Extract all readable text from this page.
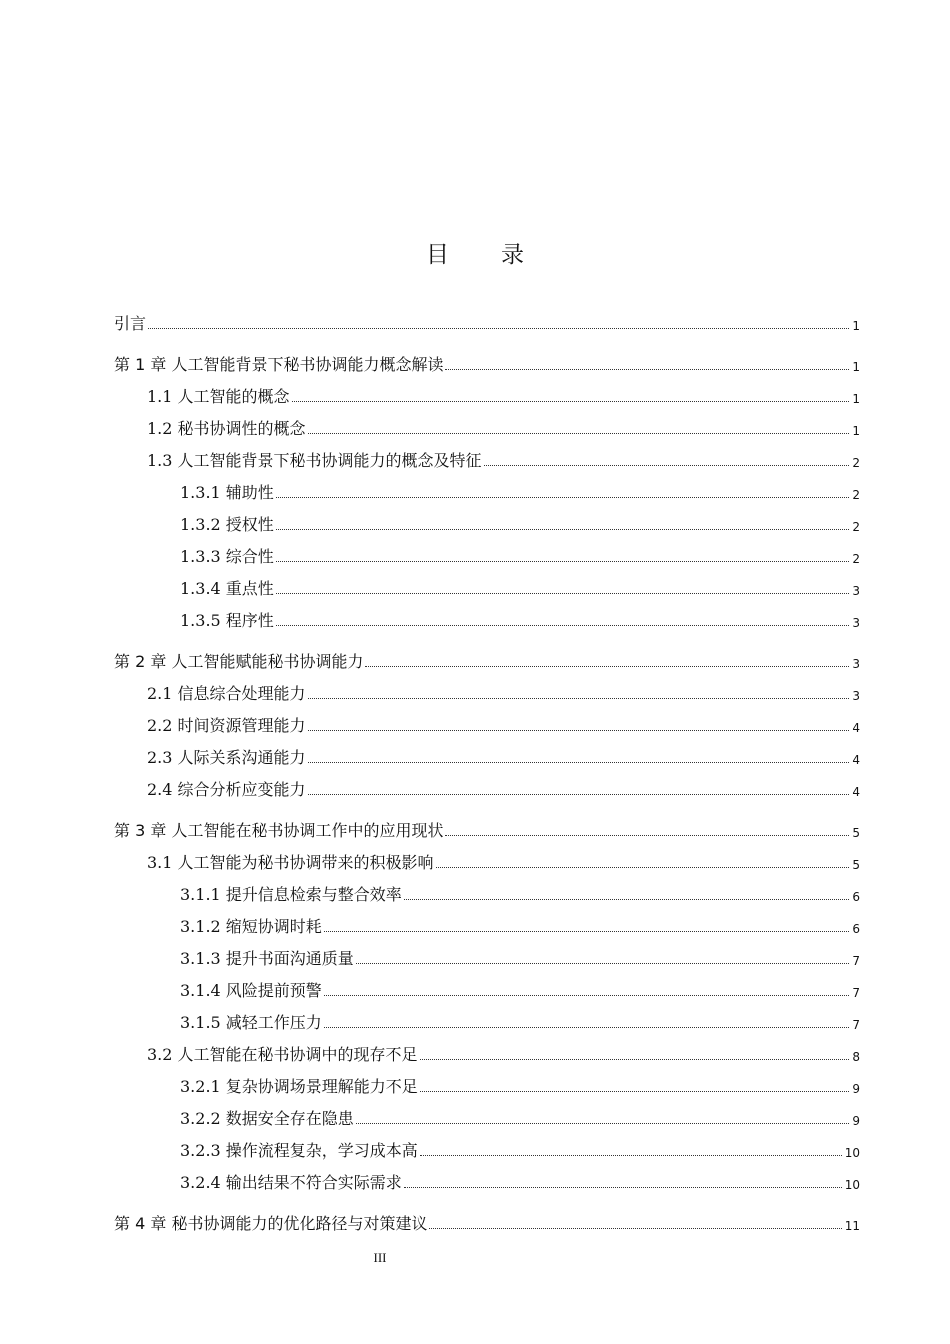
目 录
引言	1
第 1 章 人工智能背景下秘书协调能力概念解读	1
1.1 人工智能的概念	1
1.2 秘书协调性的概念	1
1.3 人工智能背景下秘书协调能力的概念及特征	2
1.3.1 辅助性	2
1.3.2 授权性	2
1.3.3 综合性	2
1.3.4 重点性	3
1.3.5 程序性	3
第 2 章 人工智能赋能秘书协调能力	3
2.1 信息综合处理能力	3
2.2 时间资源管理能力	4
2.3 人际关系沟通能力	4
2.4 综合分析应变能力	4
第 3 章 人工智能在秘书协调工作中的应用现状	5
3.1 人工智能为秘书协调带来的积极影响	5
3.1.1 提升信息检索与整合效率	6
3.1.2 缩短协调时耗	6
3.1.3 提升书面沟通质量	7
3.1.4 风险提前预警	7
3.1.5 减轻工作压力	7
3.2 人工智能在秘书协调中的现存不足	8
3.2.1 复杂协调场景理解能力不足	9
3.2.2 数据安全存在隐患	9
3.2.3 操作流程复杂，学习成本高	10
3.2.4 输出结果不符合实际需求	10
第 4 章 秘书协调能力的优化路径与对策建议	11
III
